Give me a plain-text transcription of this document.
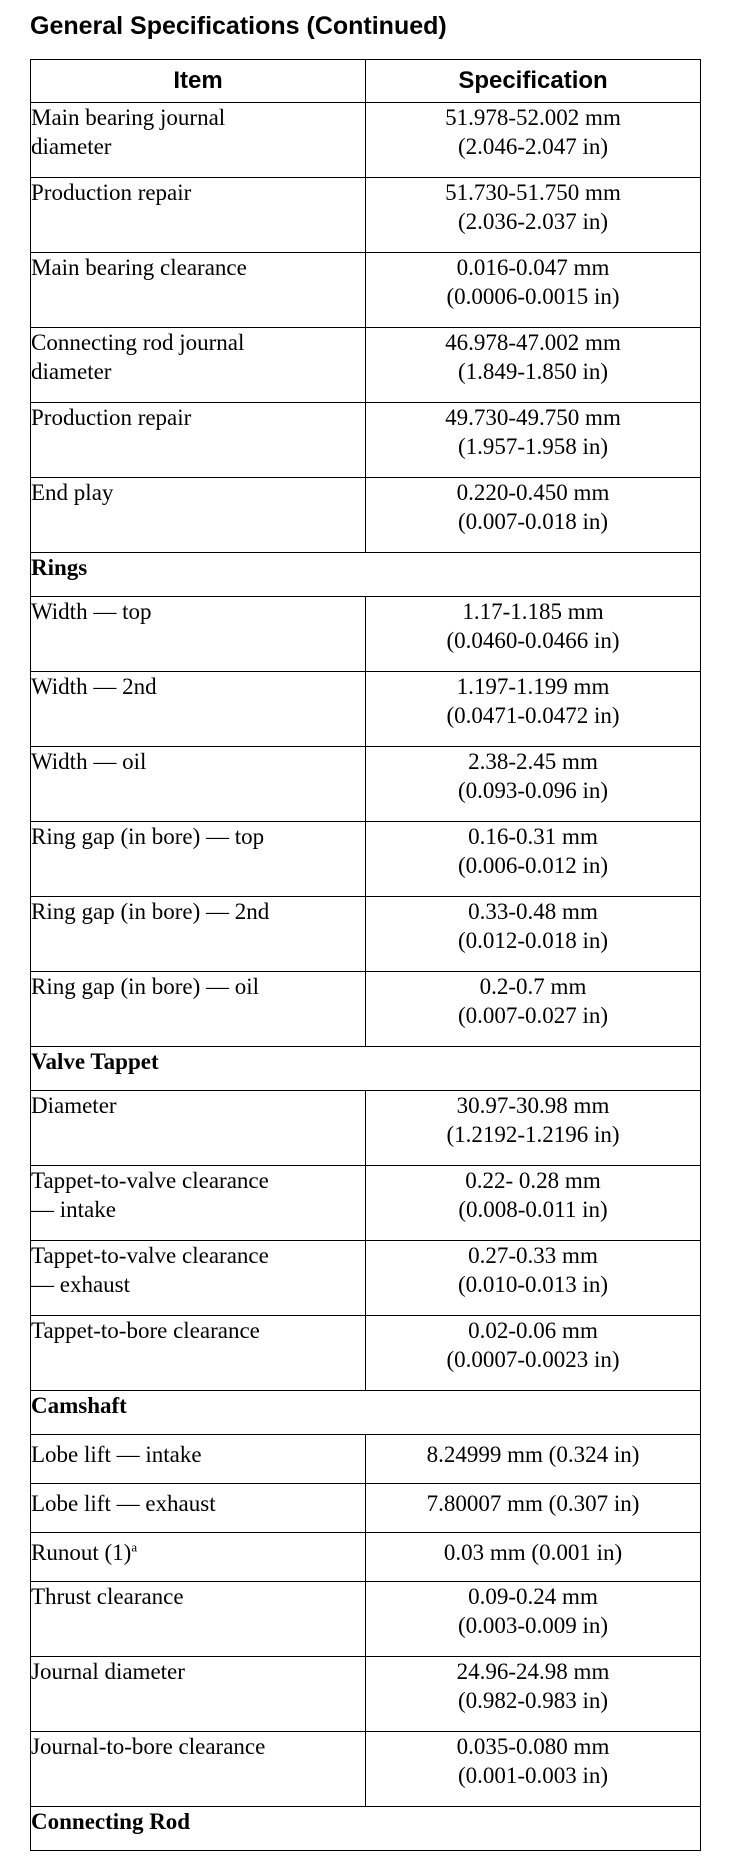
General Specifications (Continued)
Item	Specification

Main bearing journal
diameter	51.978-52.002 mm
(2.046-2.047 in)

Production repair	51.730-51.750 mm
(2.036-2.037 in)

Main bearing clearance	0.016-0.047 mm
(0.0006-0.0015 in)

Connecting rod journal
diameter	46.978-47.002 mm
(1.849-1.850 in)

Production repair	49.730-49.750 mm
(1.957-1.958 in)

End play	0.220-0.450 mm
(0.007-0.018 in)

Rings	

Width — top	1.17-1.185 mm
(0.0460-0.0466 in)

Width — 2nd	1.197-1.199 mm
(0.0471-0.0472 in)

Width — oil	2.38-2.45 mm
(0.093-0.096 in)

Ring gap (in bore) — top	0.16-0.31 mm
(0.006-0.012 in)

Ring gap (in bore) — 2nd	0.33-0.48 mm
(0.012-0.018 in)

Ring gap (in bore) — oil	0.2-0.7 mm
(0.007-0.027 in)

Valve Tappet	

Diameter	30.97-30.98 mm
(1.2192-1.2196 in)

Tappet-to-valve clearance
— intake	0.22- 0.28 mm
(0.008-0.011 in)

Tappet-to-valve clearance
— exhaust	0.27-0.33 mm
(0.010-0.013 in)

Tappet-to-bore clearance	0.02-0.06 mm
(0.0007-0.0023 in)

Camshaft	
Lobe lift — intake	8.24999 mm (0.324 in)
Lobe lift — exhaust	7.80007 mm (0.307 in)
Runout $(1)^a$	0.03 mm (0.001 in)

Thrust clearance	0.09-0.24 mm
(0.003-0.009 in)

Journal diameter	24.96-24.98 mm
(0.982-0.983 in)

Journal-to-bore clearance	0.035-0.080 mm
(0.001-0.003 in)

Connecting Rod	
